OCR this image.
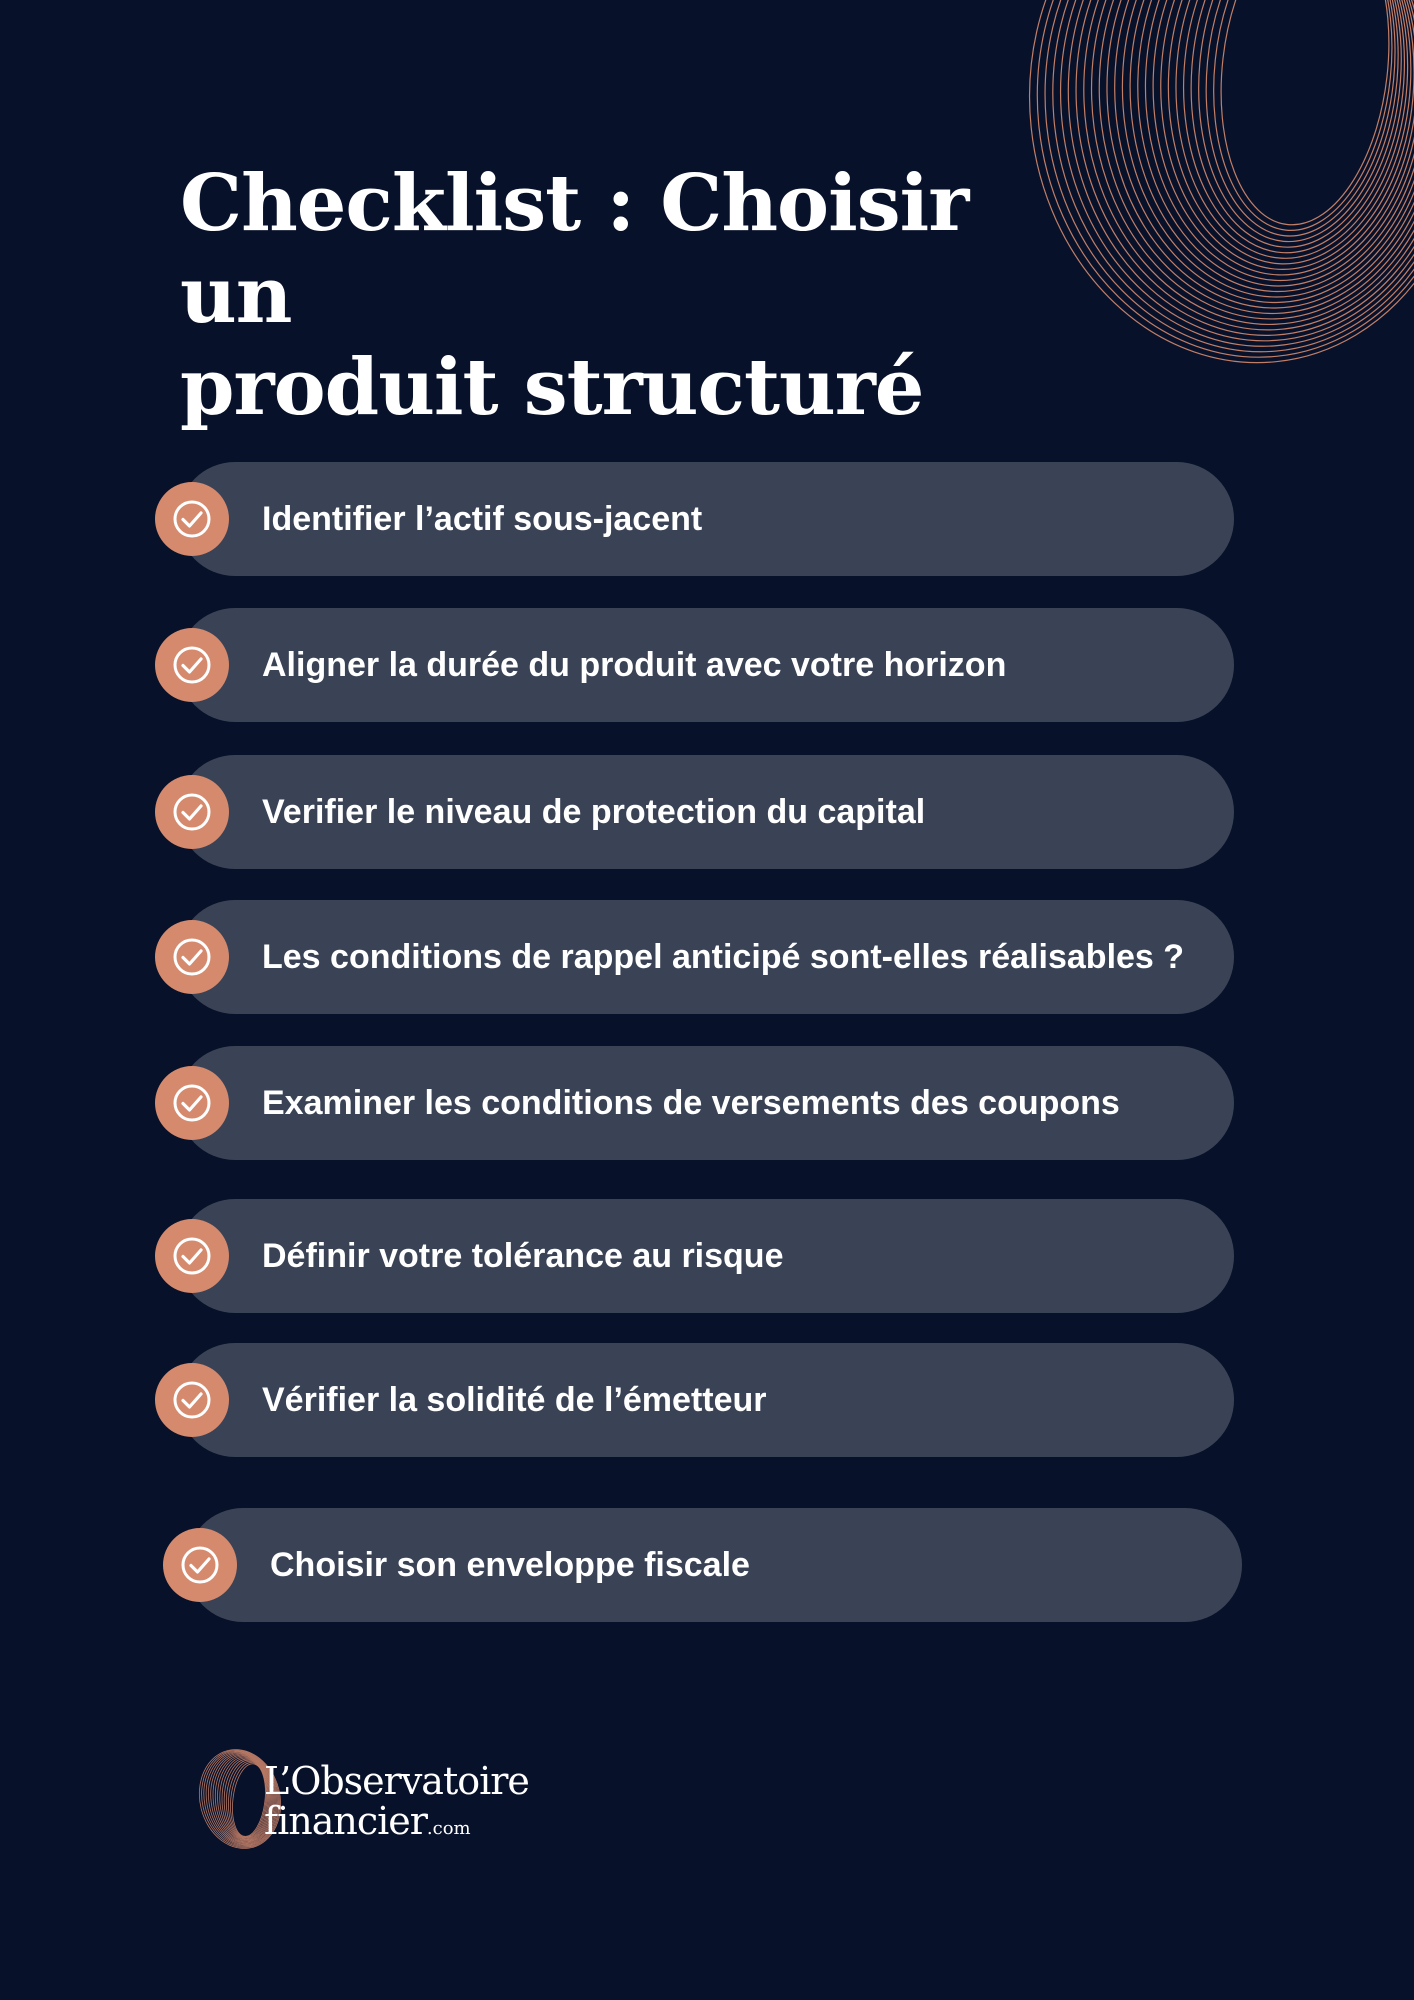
Checklist : Choisir un
produit structuré
Identifier l’actif sous-jacent
Aligner la durée du produit avec votre horizon
Verifier le niveau de protection du capital
Les conditions de rappel anticipé sont-elles réalisables ?
Examiner les conditions de versements des coupons
Définir votre tolérance au risque
Vérifier la solidité de l’émetteur
Choisir son enveloppe fiscale
L’Observatoire
financier.com
